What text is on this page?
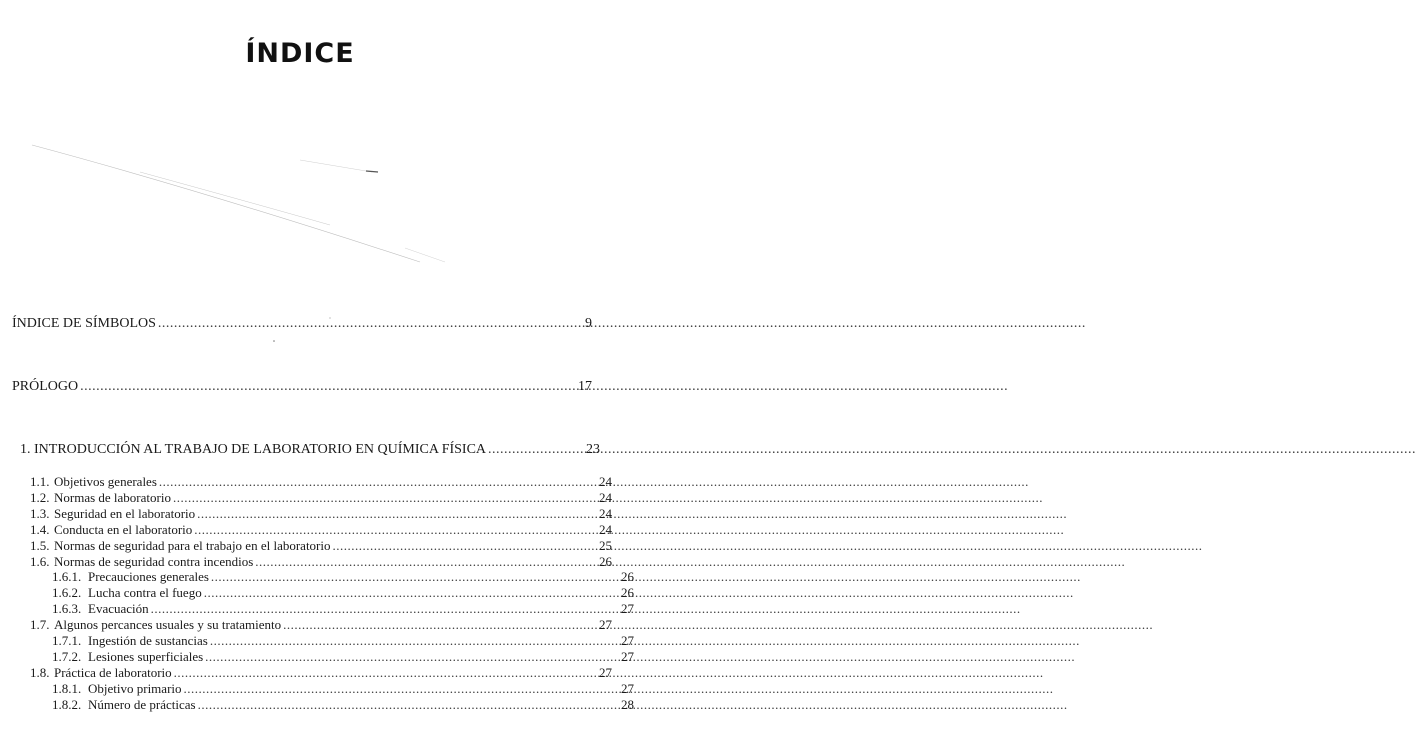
ÍNDICE
ÍNDICE DE SÍMBOLOS .....	9
PRÓLOGO .....	17
1. INTRODUCCIÓN AL TRABAJO DE LABORATORIO EN QUÍMICA FÍSICA .....	23
1.1. Objetivos generales .....	24
1.2. Normas de laboratorio .....	24
1.3. Seguridad en el laboratorio .....	24
1.4. Conducta en el laboratorio .....	24
1.5. Normas de seguridad para el trabajo en el laboratorio .....	25
1.6. Normas de seguridad contra incendios .....	26
1.6.1. Precauciones generales .....	26
1.6.2. Lucha contra el fuego .....	26
1.6.3. Evacuación .....	27
1.7. Algunos percances usuales y su tratamiento .....	27
1.7.1. Ingestión de sustancias .....	27
1.7.2. Lesiones superficiales .....	27
1.8. Práctica de laboratorio .....	27
1.8.1. Objetivo primario .....	27
1.8.2. Número de prácticas .....	28
